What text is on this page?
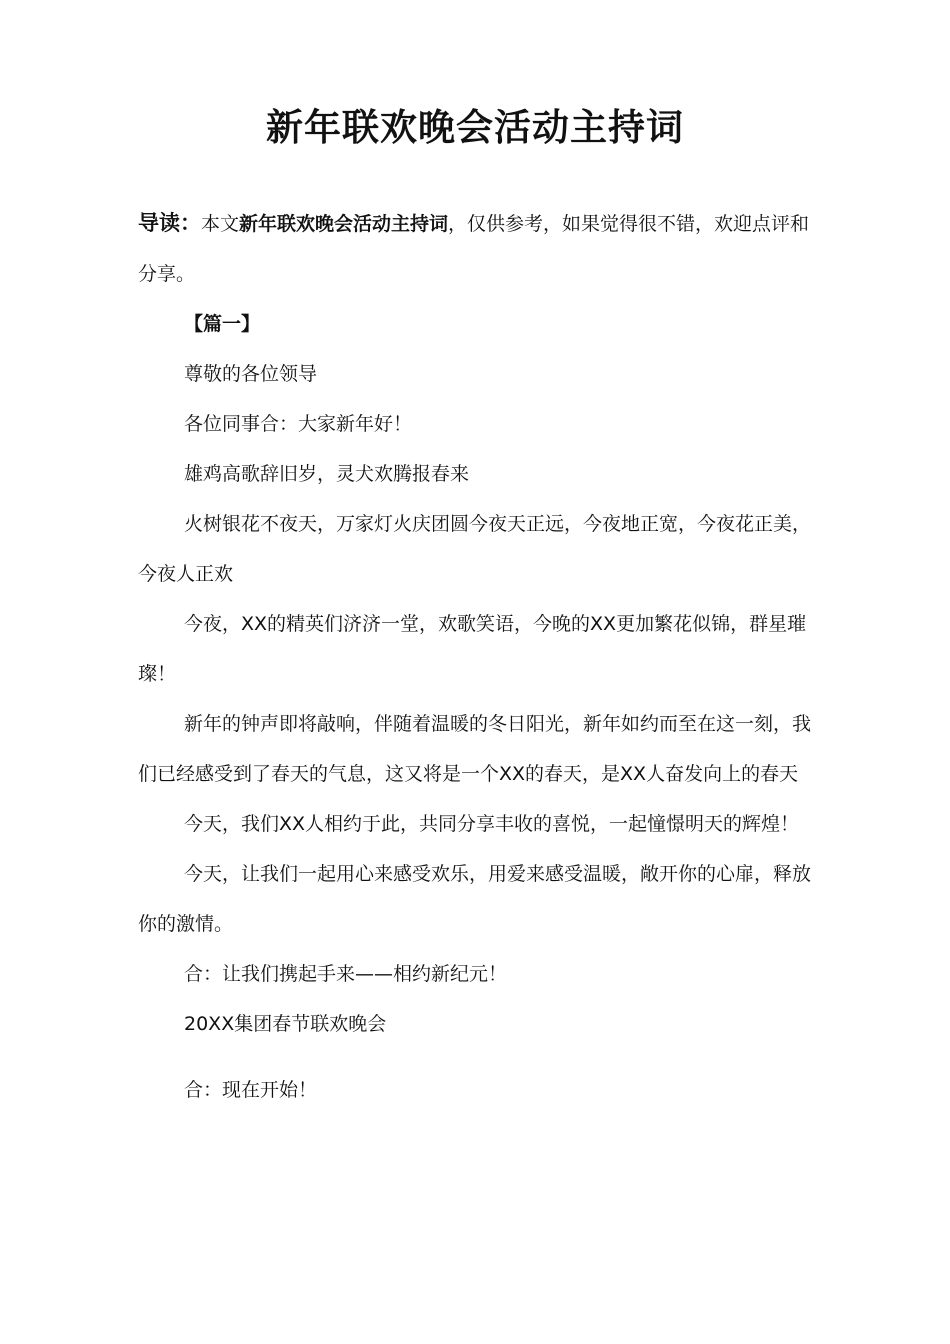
新年联欢晚会活动主持词

导读：本文新年联欢晚会活动主持词，仅供参考，如果觉得很不错，欢迎点评和分享。

【篇一】

尊敬的各位领导

各位同事合：大家新年好！

雄鸡高歌辞旧岁，灵犬欢腾报春来

火树银花不夜天，万家灯火庆团圆今夜天正远，今夜地正宽，今夜花正美，今夜人正欢

今夜，XX的精英们济济一堂，欢歌笑语，今晚的XX更加繁花似锦，群星璀璨！

新年的钟声即将敲响，伴随着温暖的冬日阳光，新年如约而至在这一刻，我们已经感受到了春天的气息，这又将是一个XX的春天，是XX人奋发向上的春天

今天，我们XX人相约于此，共同分享丰收的喜悦，一起憧憬明天的辉煌！

今天，让我们一起用心来感受欢乐，用爱来感受温暖，敞开你的心扉，释放你的激情。

合：让我们携起手来——相约新纪元！

20XX集团春节联欢晚会

合：现在开始！
